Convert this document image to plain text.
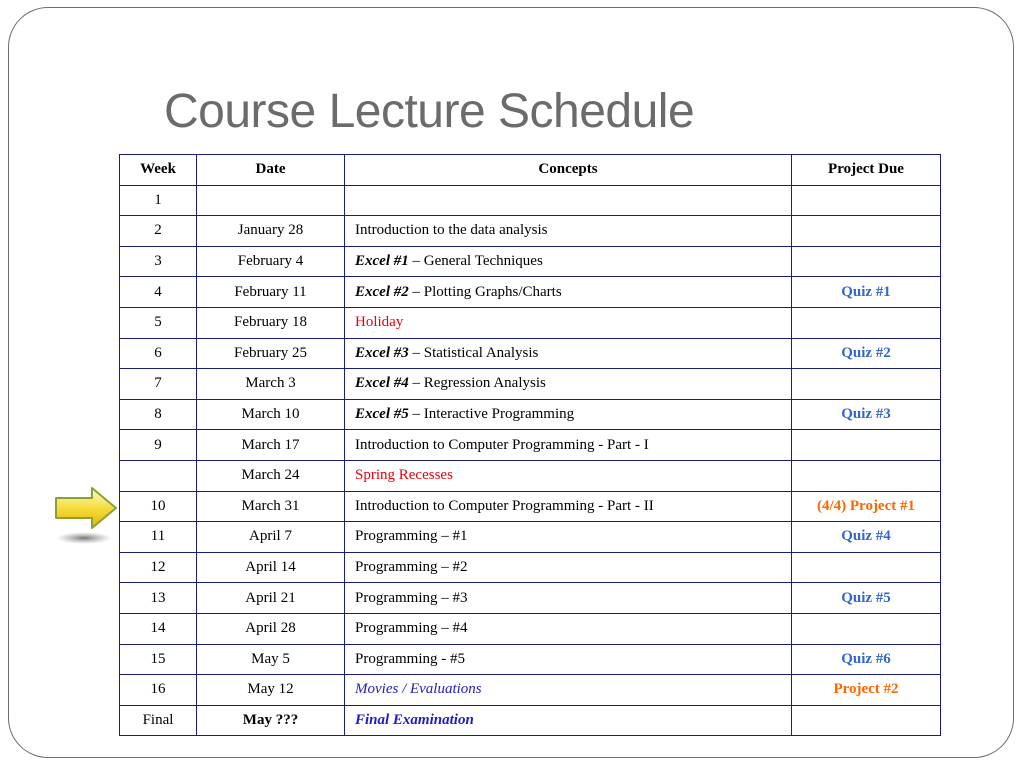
Course Lecture Schedule
Week	Date	Concepts	Project Due
1			
2	January 28	Introduction to the data analysis	
3	February 4	Excel #1 – General Techniques	
4	February 11	Excel #2 – Plotting Graphs/Charts	Quiz #1
5	February 18	Holiday	
6	February 25	Excel #3 – Statistical Analysis	Quiz #2
7	March 3	Excel #4 – Regression Analysis	
8	March 10	Excel #5 – Interactive Programming	Quiz #3
9	March 17	Introduction to Computer Programming - Part - I	
	March 24	Spring Recesses	
10	March 31	Introduction to Computer Programming - Part - II	(4/4) Project #1
11	April 7	Programming – #1	Quiz #4
12	April 14	Programming – #2	
13	April 21	Programming – #3	Quiz #5
14	April 28	Programming – #4	
15	May 5	Programming - #5	Quiz #6
16	May 12	Movies / Evaluations	Project #2
Final	May ???	Final Examination	
